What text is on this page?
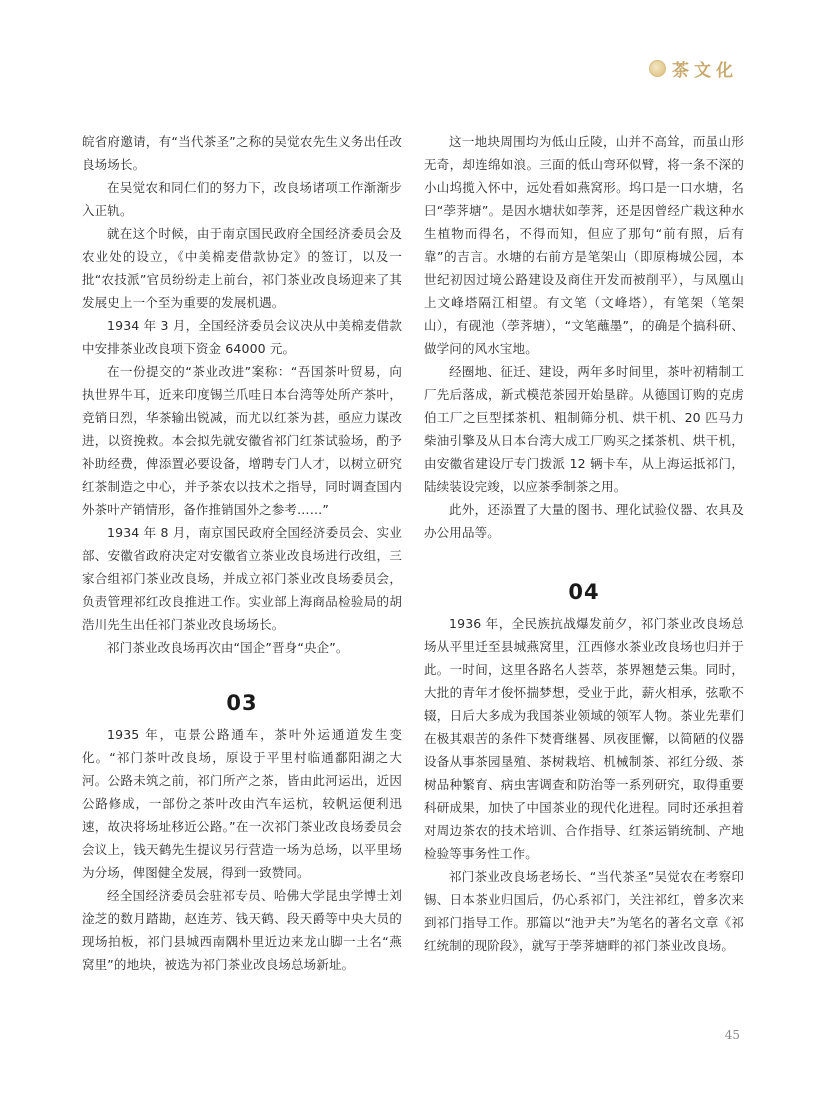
茶文化

皖省府邀请，有“当代茶圣”之称的吴觉农先生义务出任改良场场长。

在吴觉农和同仁们的努力下，改良场诸项工作渐渐步入正轨。

就在这个时候，由于南京国民政府全国经济委员会及农业处的设立，《中美棉麦借款协定》的签订，以及一批“农技派”官员纷纷走上前台，祁门茶业改良场迎来了其发展史上一个至为重要的发展机遇。

1934 年 3 月，全国经济委员会议决从中美棉麦借款中安排茶业改良项下资金 64000 元。

在一份提交的“茶业改进”案称：“吾国茶叶贸易，向执世界牛耳，近来印度锡兰爪哇日本台湾等处所产茶叶，竞销日烈，华茶输出锐减，而尤以红茶为甚，亟应力谋改进，以资挽救。本会拟先就安徽省祁门红茶试验场，酌予补助经费，俾添置必要设备，增聘专门人才，以树立研究红茶制造之中心，并予茶农以技术之指导，同时调查国内外茶叶产销情形，备作推销国外之参考……”

1934 年 8 月，南京国民政府全国经济委员会、实业部、安徽省政府决定对安徽省立茶业改良场进行改组，三家合组祁门茶业改良场，并成立祁门茶业改良场委员会，负责管理祁红改良推进工作。实业部上海商品检验局的胡浩川先生出任祁门茶业改良场场长。

祁门茶业改良场再次由“国企”晋身“央企”。

03

1935 年，屯景公路通车，茶叶外运通道发生变化。“祁门茶叶改良场，原设于平里村临通鄱阳湖之大河。公路未筑之前，祁门所产之茶，皆由此河运出，近因公路修成，一部份之茶叶改由汽车运杭，较帆运便利迅速，故决将场址移近公路。”在一次祁门茶业改良场委员会会议上，钱天鹤先生提议另行营造一场为总场，以平里场为分场，俾图健全发展，得到一致赞同。

经全国经济委员会驻祁专员、哈佛大学昆虫学博士刘淦芝的数月踏勘，赵连芳、钱天鹤、段天爵等中央大员的现场拍板，祁门县城西南隅朴里近边来龙山脚一土名“燕窝里”的地块，被选为祁门茶业改良场总场新址。

这一地块周围均为低山丘陵，山并不高耸，而虽山形无奇，却连绵如浪。三面的低山弯环似臂，将一条不深的小山坞揽入怀中，远处看如燕窝形。坞口是一口水塘，名曰“荸荠塘”。是因水塘状如荸荠，还是因曾经广栽这种水生植物而得名，不得而知，但应了那句“前有照，后有靠”的吉言。水塘的右前方是笔架山（即原梅城公园，本世纪初因过境公路建设及商住开发而被削平），与凤凰山上文峰塔隔江相望。有文笔（文峰塔），有笔架（笔架山），有砚池（荸荠塘），“文笔蘸墨”，的确是个搞科研、做学问的风水宝地。

经圈地、征迁、建设，两年多时间里，茶叶初精制工厂先后落成，新式模范茶园开始垦辟。从德国订购的克虏伯工厂之巨型揉茶机、粗制筛分机、烘干机、20 匹马力柴油引擎及从日本台湾大成工厂购买之揉茶机、烘干机，由安徽省建设厅专门拨派 12 辆卡车，从上海运抵祁门，陆续装设完竣，以应茶季制茶之用。

此外，还添置了大量的图书、理化试验仪器、农具及办公用品等。

04

1936 年，全民族抗战爆发前夕，祁门茶业改良场总场从平里迁至县城燕窝里，江西修水茶业改良场也归并于此。一时间，这里各路名人荟萃，茶界翘楚云集。同时，大批的青年才俊怀揣梦想，受业于此，薪火相承，弦歌不辍，日后大多成为我国茶业领域的领军人物。茶业先辈们在极其艰苦的条件下焚膏继晷、夙夜匪懈，以简陋的仪器设备从事茶园垦殖、茶树栽培、机械制茶、祁红分级、茶树品种繁育、病虫害调查和防治等一系列研究，取得重要科研成果，加快了中国茶业的现代化进程。同时还承担着对周边茶农的技术培训、合作指导、红茶运销统制、产地检验等事务性工作。

祁门茶业改良场老场长、“当代茶圣”吴觉农在考察印锡、日本茶业归国后，仍心系祁门，关注祁红，曾多次来到祁门指导工作。那篇以“池尹夫”为笔名的著名文章《祁红统制的现阶段》，就写于荸荠塘畔的祁门茶业改良场。

45
